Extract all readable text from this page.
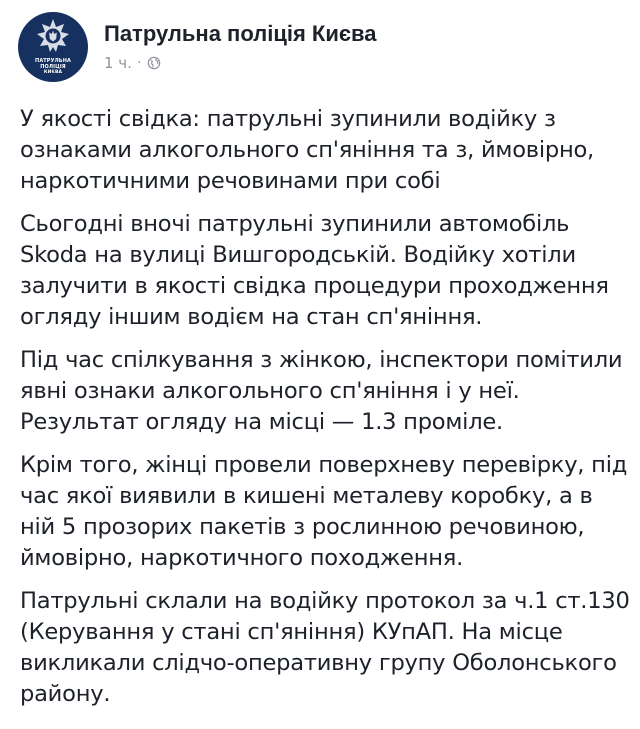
ПАТРУЛЬНА
ПОЛІЦІЯ
КИЄВА
Патрульна поліція Києва
1 ч. ·

У якості свідка: патрульні зупинили водійку з
ознаками алкогольного сп'яніння та з, ймовірно,
наркотичними речовинами при собі

Сьогодні вночі патрульні зупинили автомобіль
Skoda на вулиці Вишгородській. Водійку хотіли
залучити в якості свідка процедури проходження
огляду іншим водієм на стан сп'яніння.

Під час спілкування з жінкою, інспектори помітили
явні ознаки алкогольного сп'яніння і у неї.
Результат огляду на місці — 1.3 проміле.

Крім того, жінці провели поверхневу перевірку, під
час якої виявили в кишені металеву коробку, а в
ній 5 прозорих пакетів з рослинною речовиною,
ймовірно, наркотичного походження.

Патрульні склали на водійку протокол за ч.1 ст.130
(Керування у стані сп'яніння) КУпАП. На місце
викликали слідчо-оперативну групу Оболонського
району.
